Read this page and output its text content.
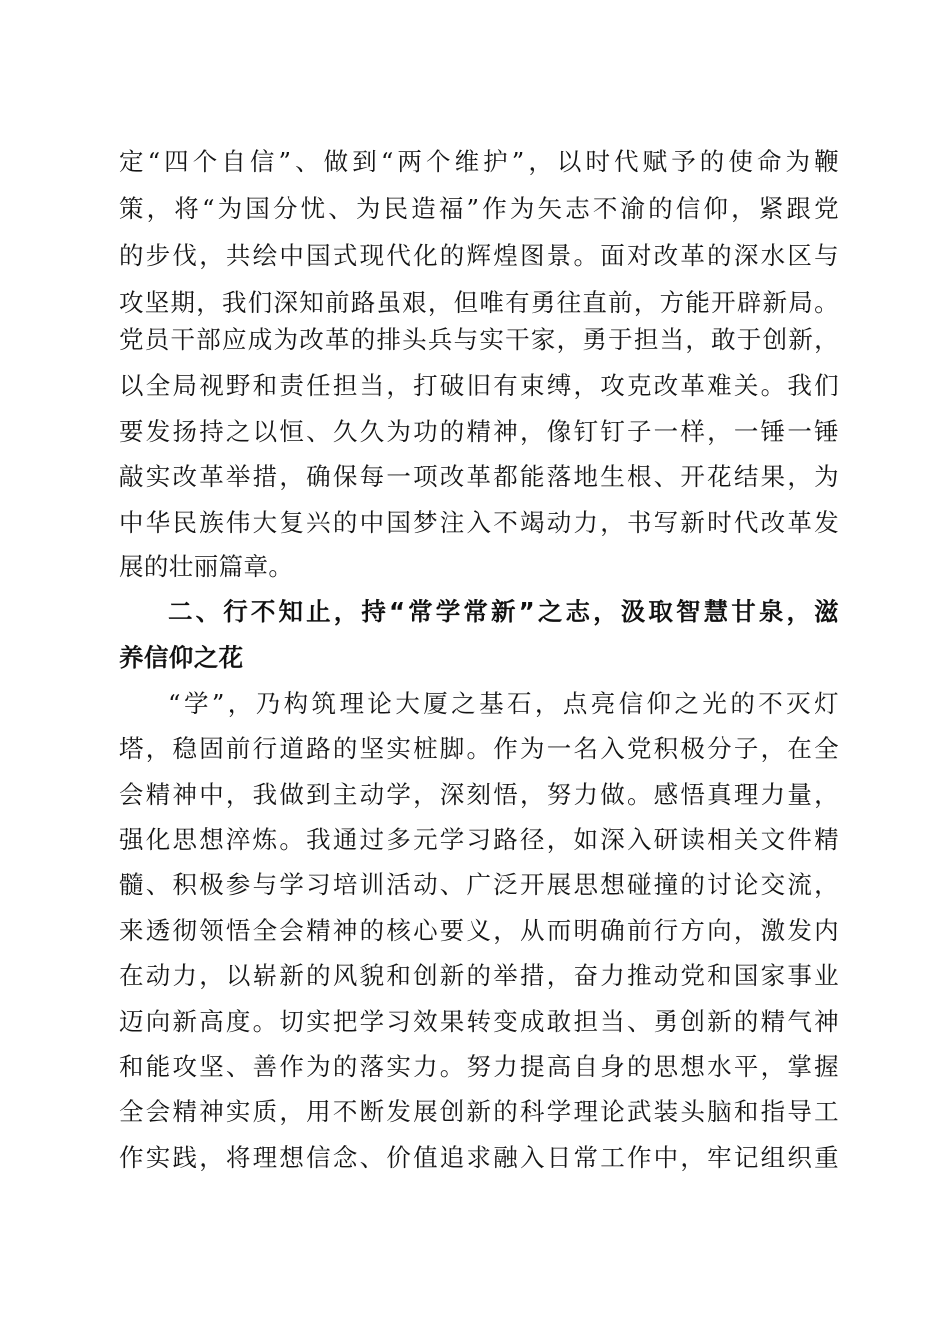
定“四个自信”、做到“两个维护”，以时代赋予的使命为鞭
策，将“为国分忧、为民造福”作为矢志不渝的信仰，紧跟党
的步伐，共绘中国式现代化的辉煌图景。面对改革的深水区与
攻坚期，我们深知前路虽艰，但唯有勇往直前，方能开辟新局。
党员干部应成为改革的排头兵与实干家，勇于担当，敢于创新，
以全局视野和责任担当，打破旧有束缚，攻克改革难关。我们
要发扬持之以恒、久久为功的精神，像钉钉子一样，一锤一锤
敲实改革举措，确保每一项改革都能落地生根、开花结果，为
中华民族伟大复兴的中国梦注入不竭动力，书写新时代改革发
展的壮丽篇章。
二、行不知止，持“常学常新”之志，汲取智慧甘泉，滋
养信仰之花
“学”，乃构筑理论大厦之基石，点亮信仰之光的不灭灯
塔，稳固前行道路的坚实桩脚。作为一名入党积极分子，在全
会精神中，我做到主动学，深刻悟，努力做。感悟真理力量，
强化思想淬炼。我通过多元学习路径，如深入研读相关文件精
髓、积极参与学习培训活动、广泛开展思想碰撞的讨论交流，
来透彻领悟全会精神的核心要义，从而明确前行方向，激发内
在动力，以崭新的风貌和创新的举措，奋力推动党和国家事业
迈向新高度。切实把学习效果转变成敢担当、勇创新的精气神
和能攻坚、善作为的落实力。努力提高自身的思想水平，掌握
全会精神实质，用不断发展创新的科学理论武装头脑和指导工
作实践，将理想信念、价值追求融入日常工作中，牢记组织重
